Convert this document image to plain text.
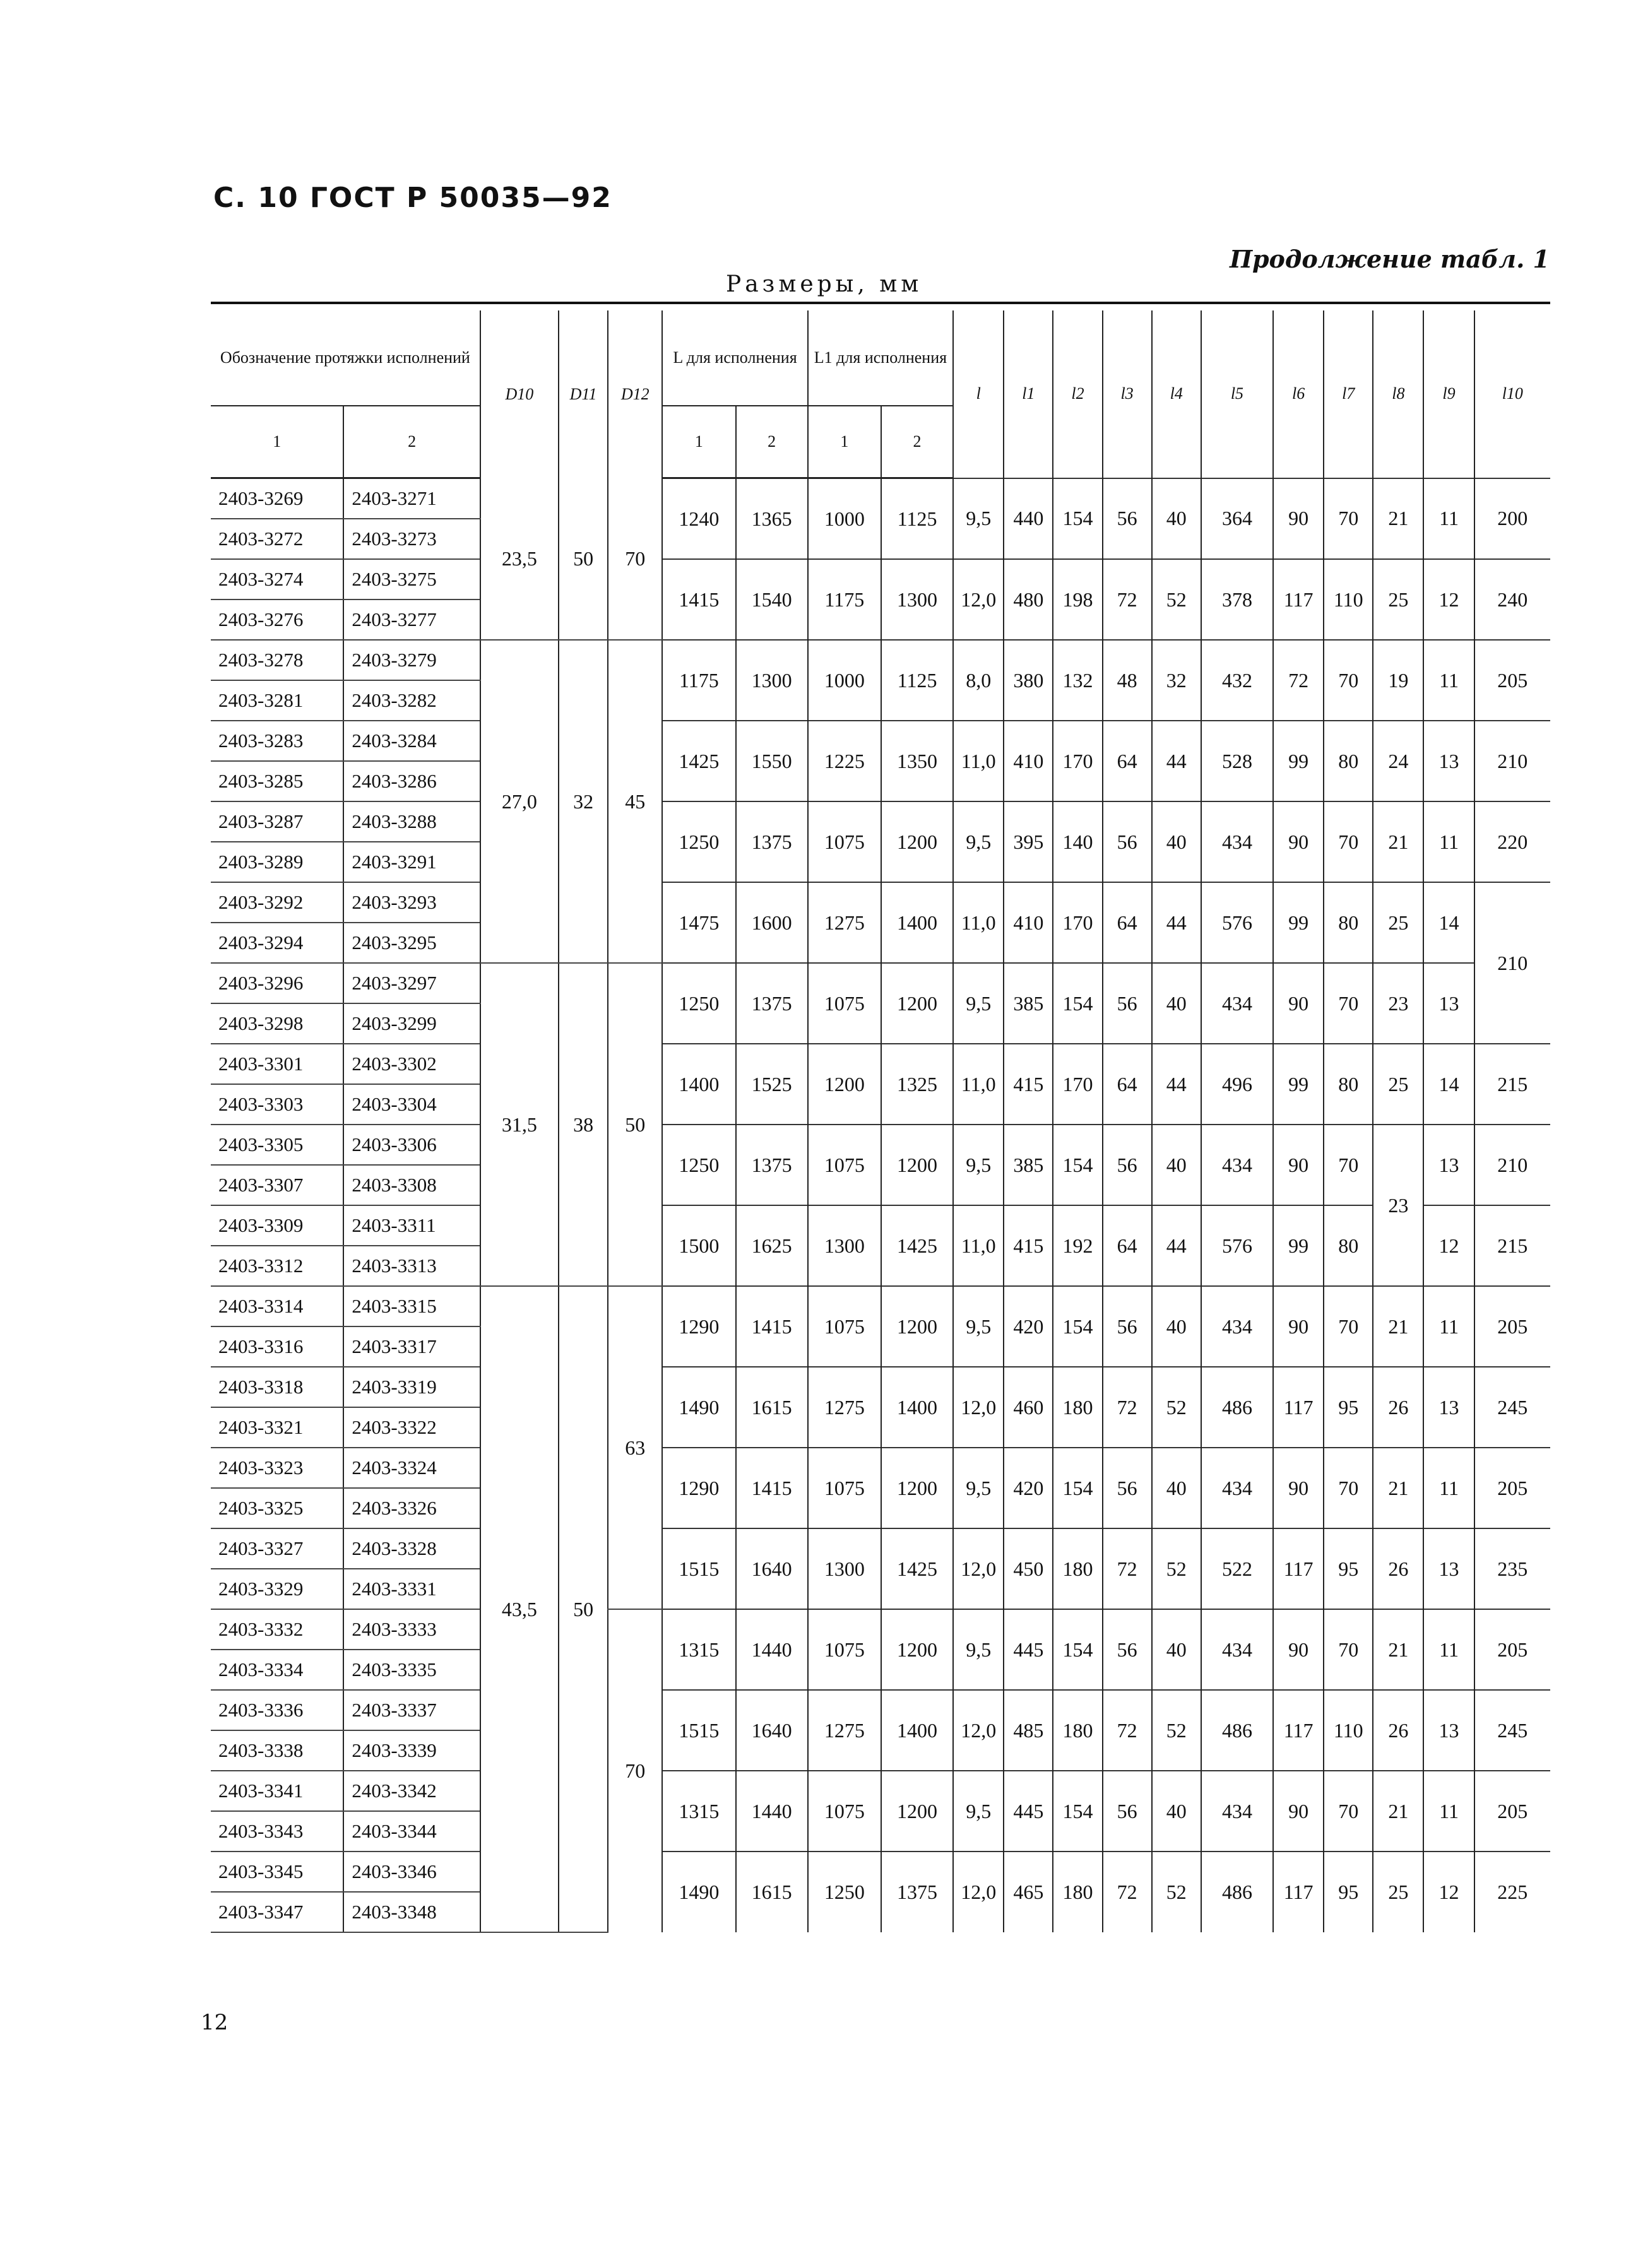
С. 10 ГОСТ Р 50035—92
Продолжение табл. 1
Размеры, мм
Обозначение протяжки исполнений		D10	D11	D12	L для исполнения		L1 для исполнения		l	l1	l2	l3	l4	l5	l6	l7	l8	l9	l10
1	2				1	2	1	2											
2403-3269	2403-3271	23,5	50	70	1240	1365	1000	1125	9,5	440	154	56	40	364	90	70	21	11	200
2403-3272	2403-3273																		
2403-3274	2403-3275				1415	1540	1175	1300	12,0	480	198	72	52	378	117	110	25	12	240
2403-3276	2403-3277																		
2403-3278	2403-3279	27,0	32	45	1175	1300	1000	1125	8,0	380	132	48	32	432	72	70	19	11	205
2403-3281	2403-3282																		
2403-3283	2403-3284				1425	1550	1225	1350	11,0	410	170	64	44	528	99	80	24	13	210
2403-3285	2403-3286																		
2403-3287	2403-3288				1250	1375	1075	1200	9,5	395	140	56	40	434	90	70	21	11	220
2403-3289	2403-3291																		
2403-3292	2403-3293				1475	1600	1275	1400	11,0	410	170	64	44	576	99	80	25	14	210
2403-3294	2403-3295																		
2403-3296	2403-3297	31,5	38	50	1250	1375	1075	1200	9,5	385	154	56	40	434	90	70	23	13	
2403-3298	2403-3299																		
2403-3301	2403-3302				1400	1525	1200	1325	11,0	415	170	64	44	496	99	80	25	14	215
2403-3303	2403-3304																		
2403-3305	2403-3306				1250	1375	1075	1200	9,5	385	154	56	40	434	90	70	23	13	210
2403-3307	2403-3308																		
2403-3309	2403-3311				1500	1625	1300	1425	11,0	415	192	64	44	576	99	80		12	215
2403-3312	2403-3313																		
2403-3314	2403-3315	43,5	50	63	1290	1415	1075	1200	9,5	420	154	56	40	434	90	70	21	11	205
2403-3316	2403-3317																		
2403-3318	2403-3319				1490	1615	1275	1400	12,0	460	180	72	52	486	117	95	26	13	245
2403-3321	2403-3322																		
2403-3323	2403-3324				1290	1415	1075	1200	9,5	420	154	56	40	434	90	70	21	11	205
2403-3325	2403-3326																		
2403-3327	2403-3328				1515	1640	1300	1425	12,0	450	180	72	52	522	117	95	26	13	235
2403-3329	2403-3331																		
2403-3332	2403-3333			70	1315	1440	1075	1200	9,5	445	154	56	40	434	90	70	21	11	205
2403-3334	2403-3335																		
2403-3336	2403-3337				1515	1640	1275	1400	12,0	485	180	72	52	486	117	110	26	13	245
2403-3338	2403-3339																		
2403-3341	2403-3342				1315	1440	1075	1200	9,5	445	154	56	40	434	90	70	21	11	205
2403-3343	2403-3344																		
2403-3345	2403-3346				1490	1615	1250	1375	12,0	465	180	72	52	486	117	95	25	12	225
2403-3347	2403-3348																		
12
